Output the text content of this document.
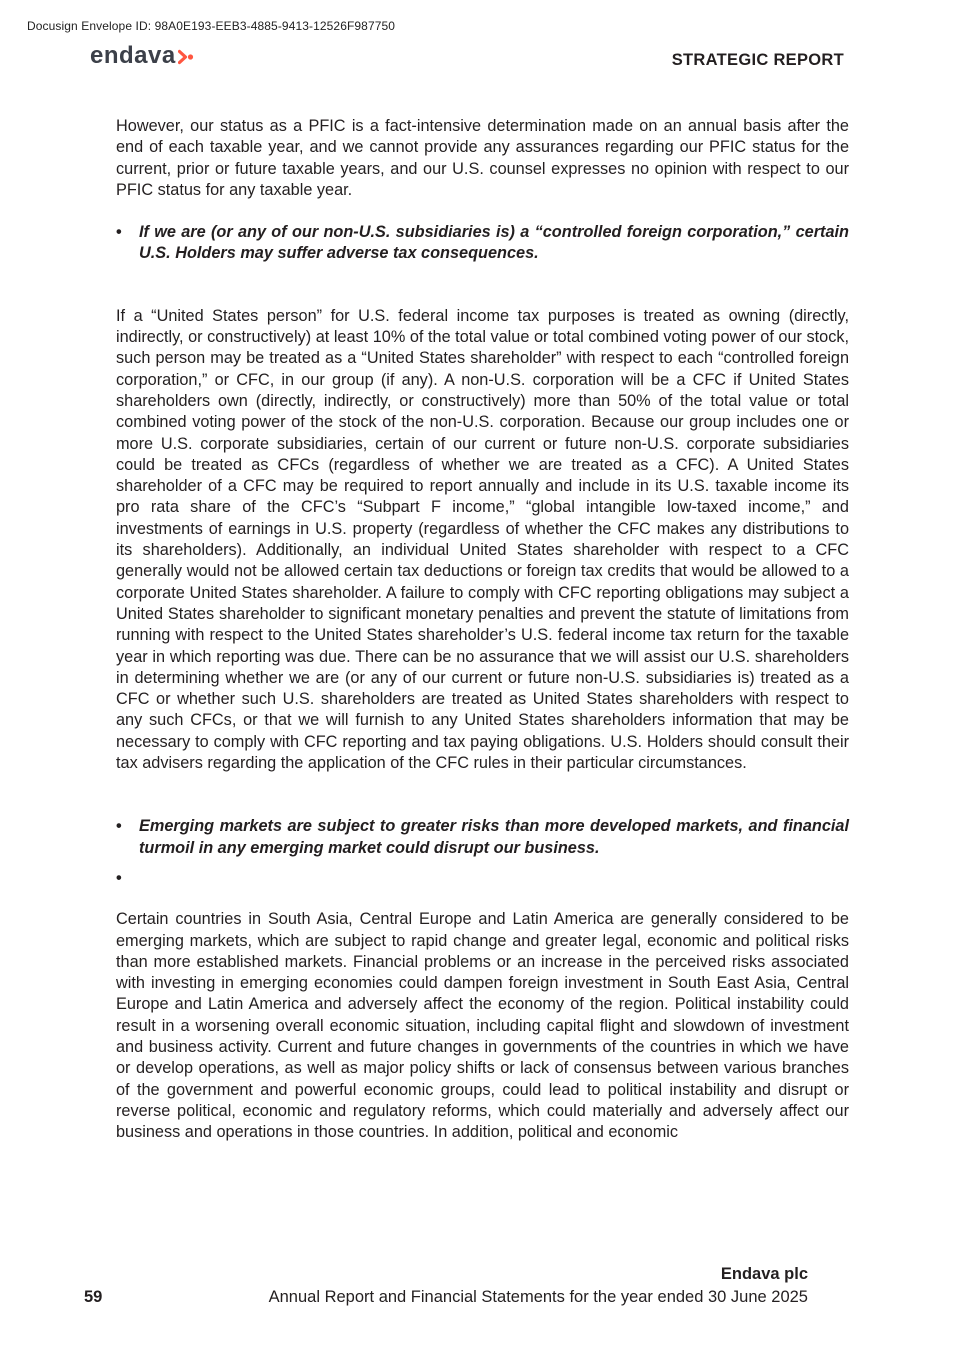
Docusign Envelope ID: 98A0E193-EEB3-4885-9413-12526F987750
endava	STRATEGIC REPORT

However, our status as a PFIC is a fact-intensive determination made on an annual basis after the end of each taxable year, and we cannot provide any assurances regarding our PFIC status for the current, prior or future taxable years, and our U.S. counsel expresses no opinion with respect to our PFIC status for any taxable year.

•	If we are (or any of our non-U.S. subsidiaries is) a “controlled foreign corporation,” certain U.S. Holders may suffer adverse tax consequences.

If a “United States person” for U.S. federal income tax purposes is treated as owning (directly, indirectly, or constructively) at least 10% of the total value or total combined voting power of our stock, such person may be treated as a “United States shareholder” with respect to each “controlled foreign corporation,” or CFC, in our group (if any). A non-U.S. corporation will be a CFC if United States shareholders own (directly, indirectly, or constructively) more than 50% of the total value or total combined voting power of the stock of the non-U.S. corporation. Because our group includes one or more U.S. corporate subsidiaries, certain of our current or future non-U.S. corporate subsidiaries could be treated as CFCs (regardless of whether we are treated as a CFC). A United States shareholder of a CFC may be required to report annually and include in its U.S. taxable income its pro rata share of the CFC’s “Subpart F income,” “global intangible low-taxed income,” and investments of earnings in U.S. property (regardless of whether the CFC makes any distributions to its shareholders). Additionally, an individual United States shareholder with respect to a CFC generally would not be allowed certain tax deductions or foreign tax credits that would be allowed to a corporate United States shareholder. A failure to comply with CFC reporting obligations may subject a United States shareholder to significant monetary penalties and prevent the statute of limitations from running with respect to the United States shareholder’s U.S. federal income tax return for the taxable year in which reporting was due. There can be no assurance that we will assist our U.S. shareholders in determining whether we are (or any of our current or future non-U.S. subsidiaries is) treated as a CFC or whether such U.S. shareholders are treated as United States shareholders with respect to any such CFCs, or that we will furnish to any United States shareholders information that may be necessary to comply with CFC reporting and tax paying obligations. U.S. Holders should consult their tax advisers regarding the application of the CFC rules in their particular circumstances.

•	Emerging markets are subject to greater risks than more developed markets, and financial turmoil in any emerging market could disrupt our business.
•

Certain countries in South Asia, Central Europe and Latin America are generally considered to be emerging markets, which are subject to rapid change and greater legal, economic and political risks than more established markets. Financial problems or an increase in the perceived risks associated with investing in emerging economies could dampen foreign investment in South East Asia, Central Europe and Latin America and adversely affect the economy of the region. Political instability could result in a worsening overall economic situation, including capital flight and slowdown of investment and business activity. Current and future changes in governments of the countries in which we have or develop operations, as well as major policy shifts or lack of consensus between various branches of the government and powerful economic groups, could lead to political instability and disrupt or reverse political, economic and regulatory reforms, which could materially and adversely affect our business and operations in those countries. In addition, political and economic

Endava plc
59	Annual Report and Financial Statements for the year ended 30 June 2025
